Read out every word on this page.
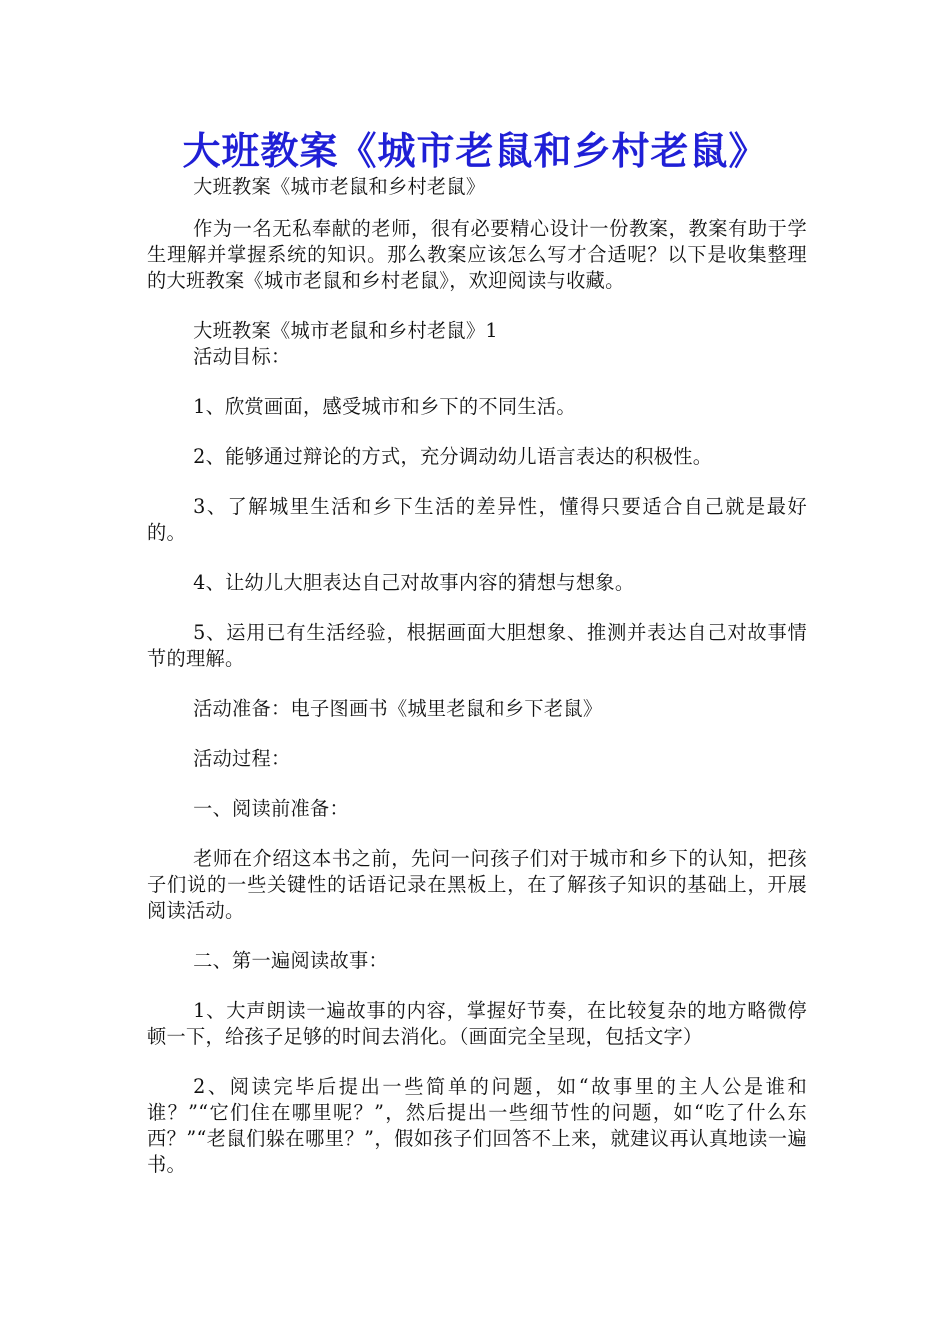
大班教案《城市老鼠和乡村老鼠》

大班教案《城市老鼠和乡村老鼠》

作为一名无私奉献的老师，很有必要精心设计一份教案，教案有助于学生理解并掌握系统的知识。那么教案应该怎么写才合适呢？以下是收集整理的大班教案《城市老鼠和乡村老鼠》，欢迎阅读与收藏。

大班教案《城市老鼠和乡村老鼠》1

活动目标：

1、欣赏画面，感受城市和乡下的不同生活。

2、能够通过辩论的方式，充分调动幼儿语言表达的积极性。

3、了解城里生活和乡下生活的差异性，懂得只要适合自己就是最好的。

4、让幼儿大胆表达自己对故事内容的猜想与想象。

5、运用已有生活经验，根据画面大胆想象、推测并表达自己对故事情节的理解。

活动准备：电子图画书《城里老鼠和乡下老鼠》

活动过程：

一、阅读前准备：

老师在介绍这本书之前，先问一问孩子们对于城市和乡下的认知，把孩子们说的一些关键性的话语记录在黑板上，在了解孩子知识的基础上，开展阅读活动。

二、第一遍阅读故事：

1、大声朗读一遍故事的内容，掌握好节奏，在比较复杂的地方略微停顿一下，给孩子足够的时间去消化。（画面完全呈现，包括文字）

2、阅读完毕后提出一些简单的问题，如“故事里的主人公是谁和谁？”“它们住在哪里呢？”，然后提出一些细节性的问题，如“吃了什么东西？”“老鼠们躲在哪里？”，假如孩子们回答不上来，就建议再认真地读一遍书。
